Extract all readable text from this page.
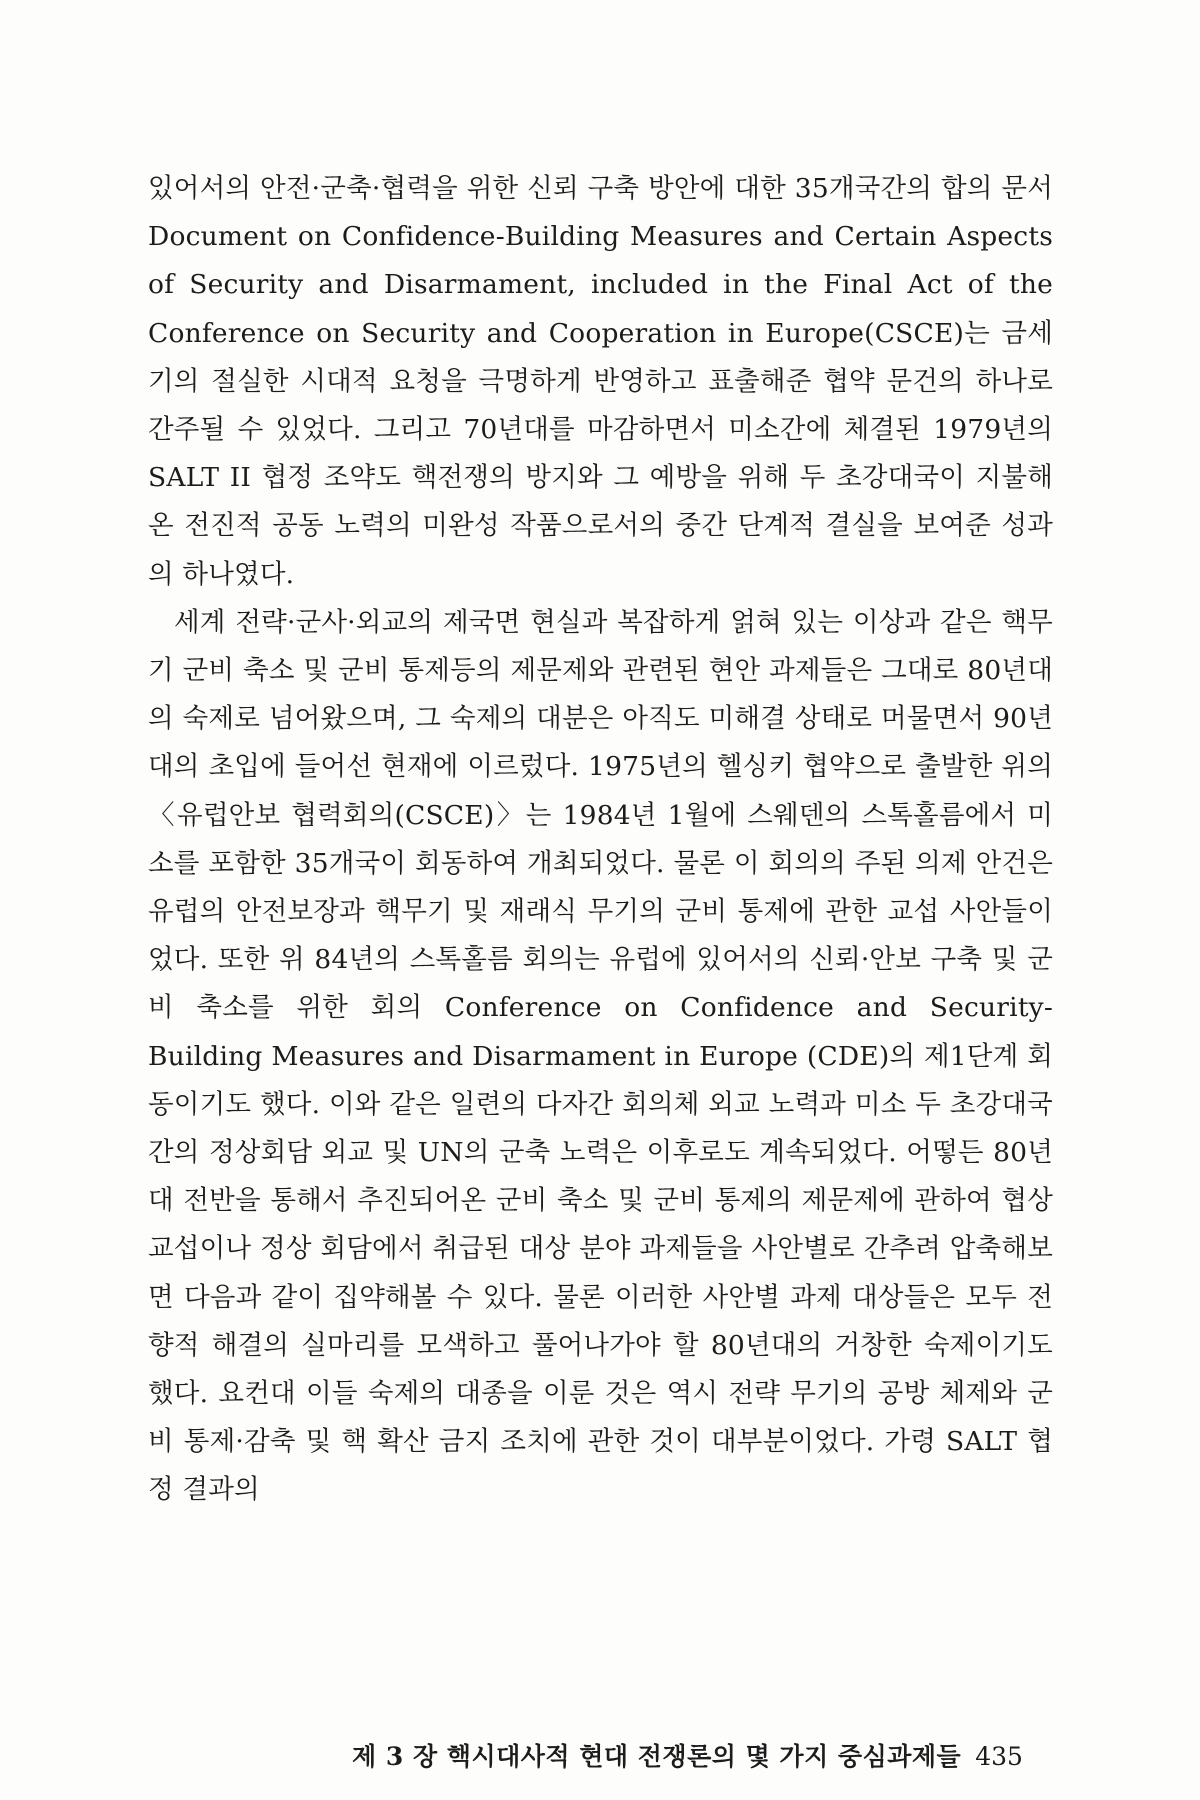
있어서의 안전·군축·협력을 위한 신뢰 구축 방안에 대한 35개국간의 합의 문서 Document on Confidence-Building Measures and Certain Aspects of Security and Disarmament, included in the Final Act of the Conference on Security and Cooperation in Europe(CSCE)는 금세기의 절실한 시대적 요청을 극명하게 반영하고 표출해준 협약 문건의 하나로 간주될 수 있었다. 그리고 70년대를 마감하면서 미소간에 체결된 1979년의 SALT II 협정 조약도 핵전쟁의 방지와 그 예방을 위해 두 초강대국이 지불해온 전진적 공동 노력의 미완성 작품으로서의 중간 단계적 결실을 보여준 성과의 하나였다.

세계 전략·군사·외교의 제국면 현실과 복잡하게 얽혀 있는 이상과 같은 핵무기 군비 축소 및 군비 통제등의 제문제와 관련된 현안 과제들은 그대로 80년대의 숙제로 넘어왔으며, 그 숙제의 대분은 아직도 미해결 상태로 머물면서 90년대의 초입에 들어선 현재에 이르렀다. 1975년의 헬싱키 협약으로 출발한 위의 〈유럽안보 협력회의(CSCE)〉는 1984년 1월에 스웨덴의 스톡홀름에서 미소를 포함한 35개국이 회동하여 개최되었다. 물론 이 회의의 주된 의제 안건은 유럽의 안전보장과 핵무기 및 재래식 무기의 군비 통제에 관한 교섭 사안들이었다. 또한 위 84년의 스톡홀름 회의는 유럽에 있어서의 신뢰·안보 구축 및 군비 축소를 위한 회의 Conference on Confidence and Security-Building Measures and Disarmament in Europe (CDE)의 제1단계 회동이기도 했다. 이와 같은 일련의 다자간 회의체 외교 노력과 미소 두 초강대국간의 정상회담 외교 및 UN의 군축 노력은 이후로도 계속되었다. 어떻든 80년대 전반을 통해서 추진되어온 군비 축소 및 군비 통제의 제문제에 관하여 협상 교섭이나 정상 회담에서 취급된 대상 분야 과제들을 사안별로 간추려 압축해보면 다음과 같이 집약해볼 수 있다. 물론 이러한 사안별 과제 대상들은 모두 전향적 해결의 실마리를 모색하고 풀어나가야 할 80년대의 거창한 숙제이기도 했다. 요컨대 이들 숙제의 대종을 이룬 것은 역시 전략 무기의 공방 체제와 군비 통제·감축 및 핵 확산 금지 조치에 관한 것이 대부분이었다. 가령 SALT 협정 결과의

제 3 장 핵시대사적 현대 전쟁론의 몇 가지 중심과제들 435
